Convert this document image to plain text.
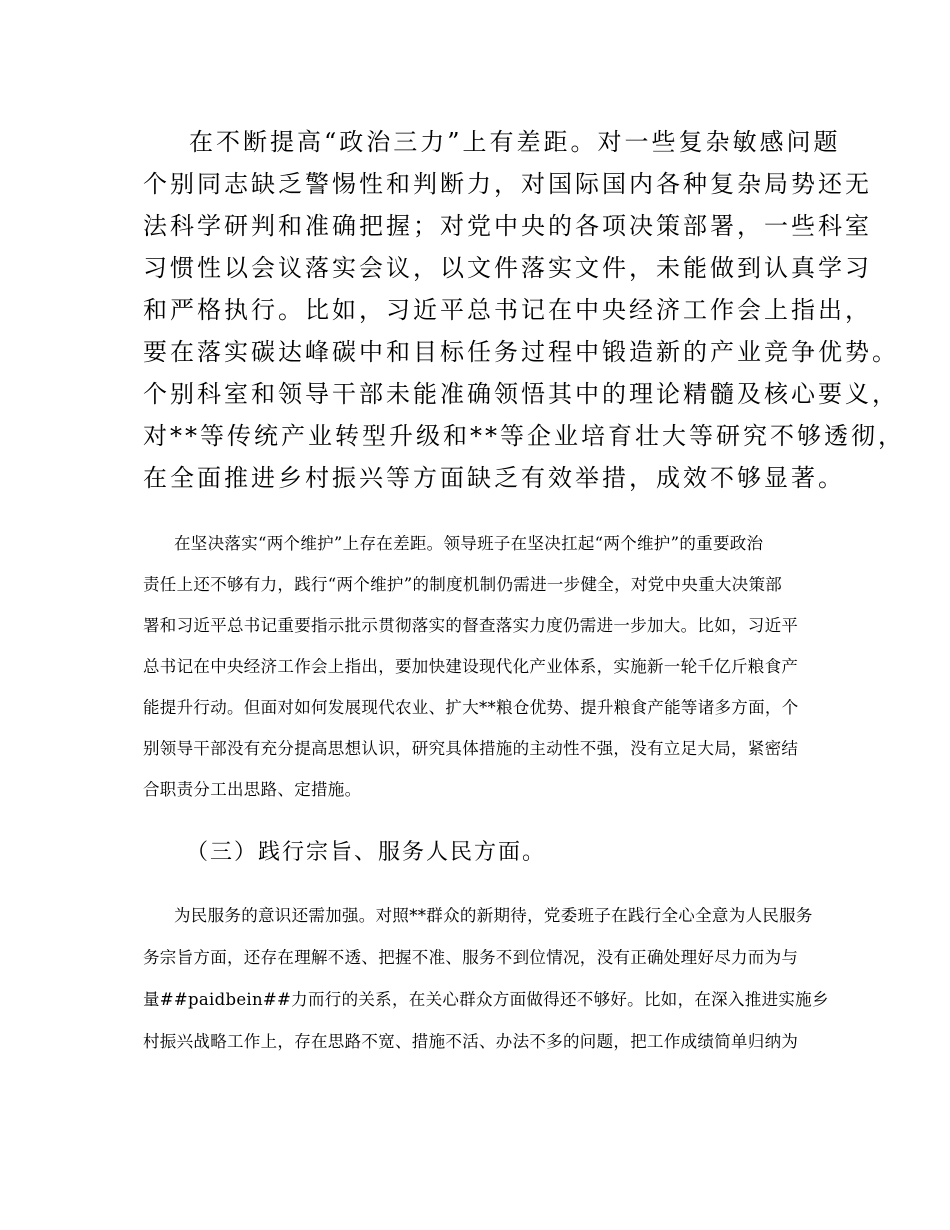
在不断提高“政治三力”上有差距。对一些复杂敏感问题
个别同志缺乏警惕性和判断力，对国际国内各种复杂局势还无
法科学研判和准确把握；对党中央的各项决策部署，一些科室
习惯性以会议落实会议，以文件落实文件，未能做到认真学习
和严格执行。比如，习近平总书记在中央经济工作会上指出，
要在落实碳达峰碳中和目标任务过程中锻造新的产业竞争优势。
个别科室和领导干部未能准确领悟其中的理论精髓及核心要义，
对**等传统产业转型升级和**等企业培育壮大等研究不够透彻，
在全面推进乡村振兴等方面缺乏有效举措，成效不够显著。
在坚决落实“两个维护”上存在差距。领导班子在坚决扛起“两个维护”的重要政治
责任上还不够有力，践行“两个维护”的制度机制仍需进一步健全，对党中央重大决策部
署和习近平总书记重要指示批示贯彻落实的督查落实力度仍需进一步加大。比如，习近平
总书记在中央经济工作会上指出，要加快建设现代化产业体系，实施新一轮千亿斤粮食产
能提升行动。但面对如何发展现代农业、扩大**粮仓优势、提升粮食产能等诸多方面，个
别领导干部没有充分提高思想认识，研究具体措施的主动性不强，没有立足大局，紧密结
合职责分工出思路、定措施。
（三）践行宗旨、服务人民方面。
为民服务的意识还需加强。对照**群众的新期待，党委班子在践行全心全意为人民服务
务宗旨方面，还存在理解不透、把握不准、服务不到位情况，没有正确处理好尽力而为与
量##paidbein##力而行的关系，在关心群众方面做得还不够好。比如，在深入推进实施乡
村振兴战略工作上，存在思路不宽、措施不活、办法不多的问题，把工作成绩简单归纳为
